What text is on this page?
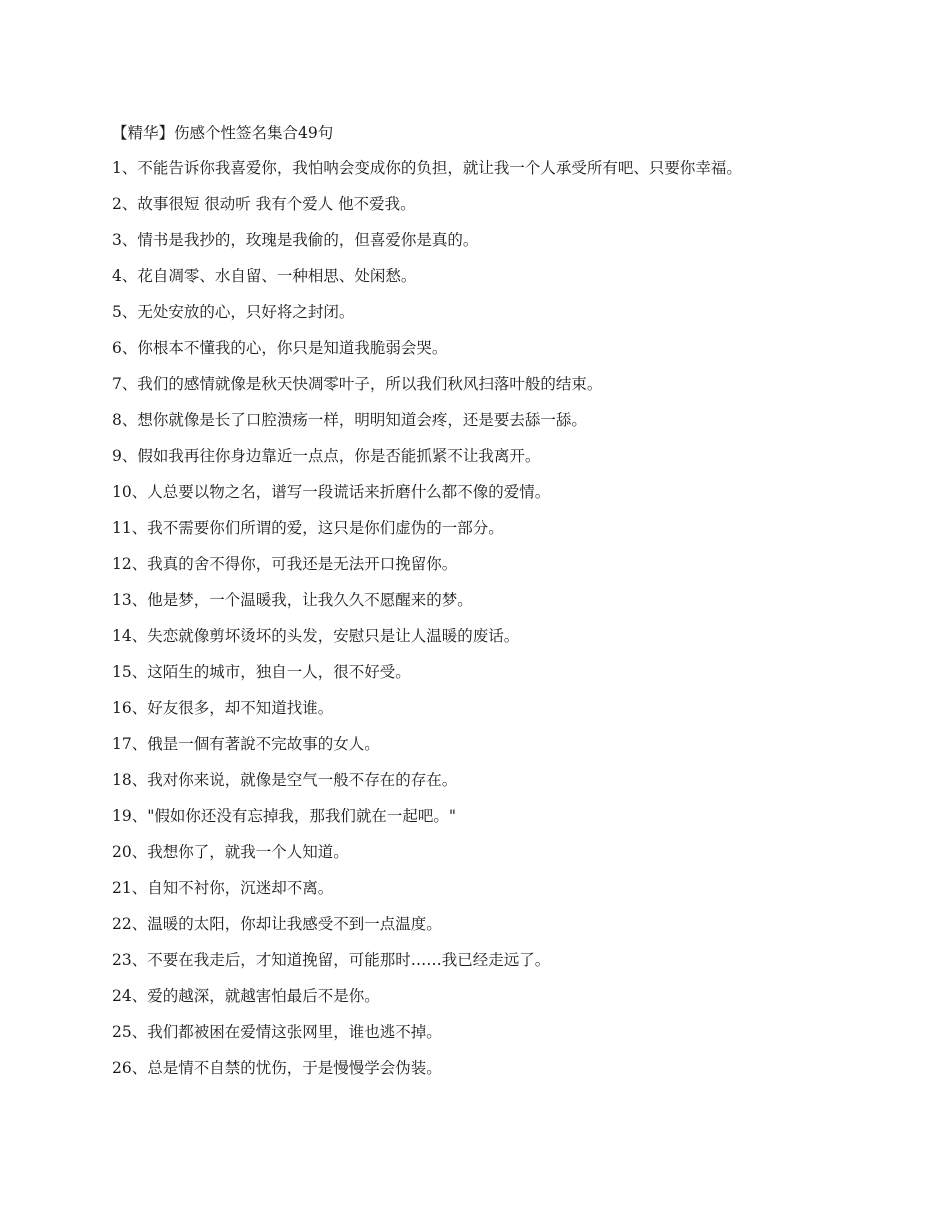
【精华】伤感个性签名集合49句
1、不能告诉你我喜爱你，我怕呐会变成你的负担，就让我一个人承受所有吧、只要你幸福。
2、故事很短 很动听 我有个爱人 他不爱我。
3、情书是我抄的，玫瑰是我偷的，但喜爱你是真的。
4、花自凋零、水自留、一种相思、处闲愁。
5、无处安放的心，只好将之封闭。
6、你根本不懂我的心，你只是知道我脆弱会哭。
7、我们的感情就像是秋天快凋零叶子，所以我们秋风扫落叶般的结束。
8、想你就像是长了口腔溃疡一样，明明知道会疼，还是要去舔一舔。
9、假如我再往你身边靠近一点点，你是否能抓紧不让我离开。
10、人总要以物之名，谱写一段谎话来折磨什么都不像的爱情。
11、我不需要你们所谓的爱，这只是你们虚伪的一部分。
12、我真的舍不得你，可我还是无法开口挽留你。
13、他是梦，一个温暖我，让我久久不愿醒来的梦。
14、失恋就像剪坏烫坏的头发，安慰只是让人温暖的废话。
15、这陌生的城市，独自一人，很不好受。
16、好友很多，却不知道找谁。
17、俄昰一個有著說不完故事的女人。
18、我对你来说，就像是空气一般不存在的存在。
19、"假如你还没有忘掉我，那我们就在一起吧。"
20、我想你了，就我一个人知道。
21、自知不衬你，沉迷却不离。
22、温暖的太阳，你却让我感受不到一点温度。
23、不要在我走后，才知道挽留，可能那时……我已经走远了。
24、爱的越深，就越害怕最后不是你。
25、我们都被困在爱情这张网里，谁也逃不掉。
26、总是情不自禁的忧伤，于是慢慢学会伪装。
